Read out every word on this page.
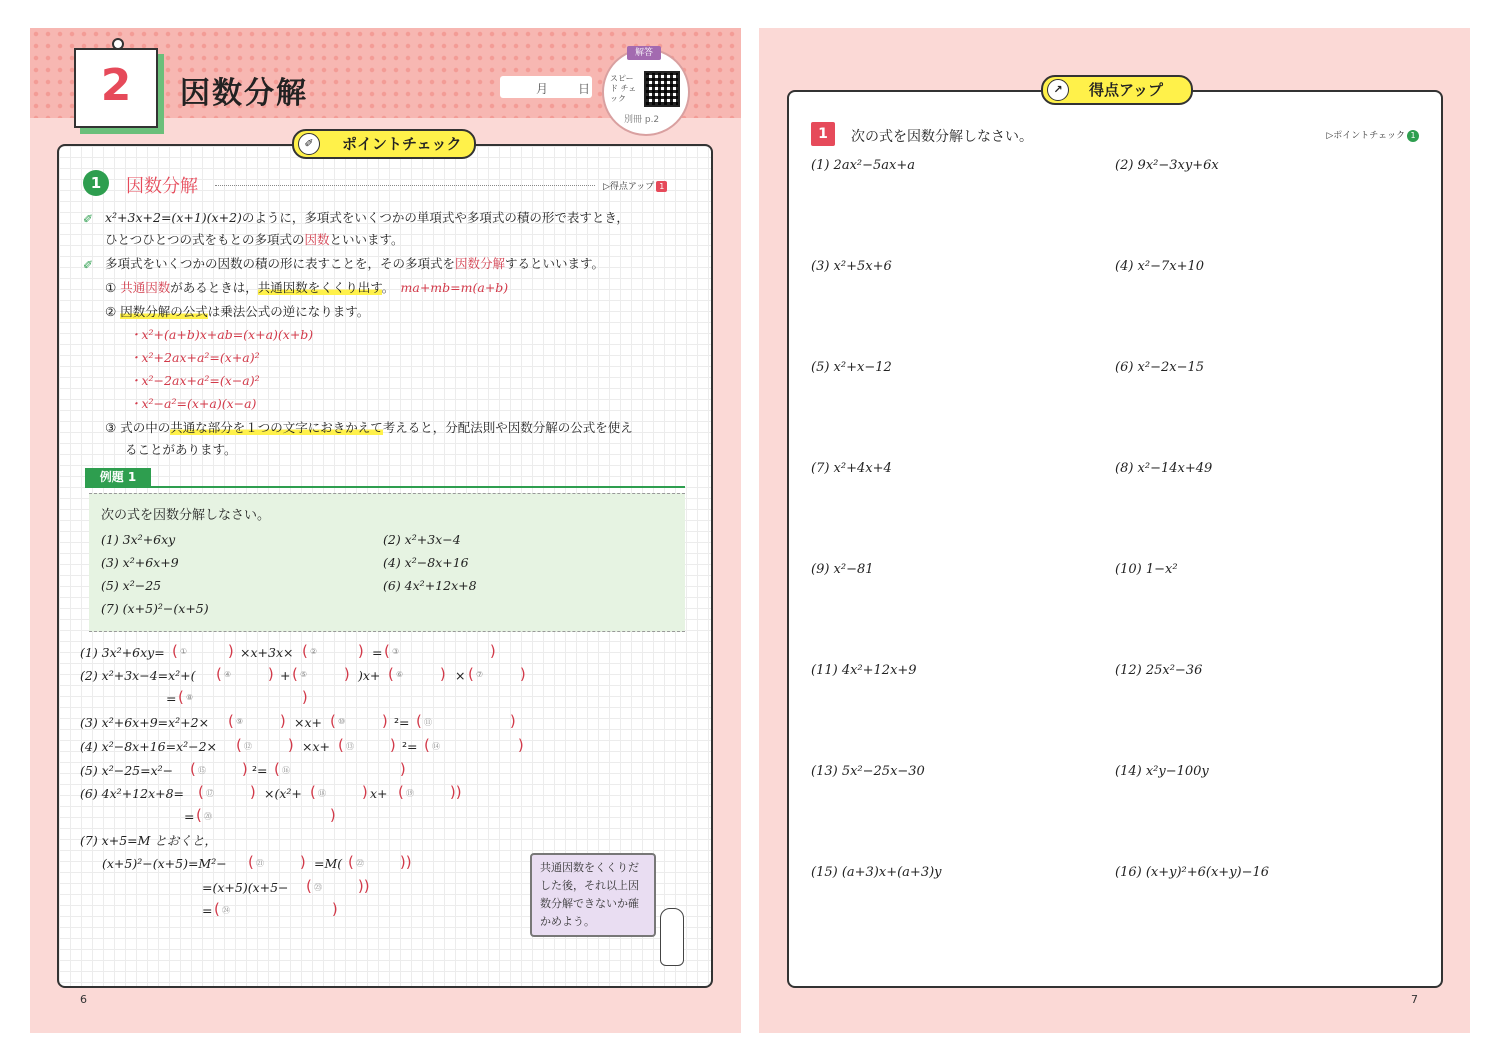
2	因数分解	月 日
解答
スピード チェック
別冊 p.2
1	因数分解	▷得点アップ 1
✐ x²+3x+2=(x+1)(x+2)のように，多項式をいくつかの単項式や多項式の積の形で表すとき，
ひとつひとつの式をもとの多項式の因数といいます。
✐ 多項式をいくつかの因数の積の形に表すことを，その多項式を因数分解するといいます。
① 共通因数があるときは，共通因数をくくり出す。　 ma+mb=m(a+b)
② 因数分解の公式は乗法公式の逆になります。
・x²+(a+b)x+ab=(x+a)(x+b)
・x²+2ax+a²=(x+a)²
・x²−2ax+a²=(x−a)²
・x²−a²=(x+a)(x−a)
③ 式の中の共通な部分を１つの文字におきかえて考えると，分配法則や因数分解の公式を使え
ることがあります。
✐	ポイントチェック
例題 1
次の式を因数分解しなさい。
(1) 3x²+6xy	(2) x²+3x−4
(3) x²+6x+9	(4) x²−8x+16
(5) x²−25	(6) 4x²+12x+8
(7) (x+5)²−(x+5)
(1) 3x²+6xy= ( ①	) ×x+3x× ( ②	) = ( ③	)
(2) x²+3x−4=x²+( ( ④ ) + ( ⑤ ) )x+ ( ⑥ ) × ( ⑦ )
= ( ⑧	)
(3) x²+6x+9=x²+2× ( ⑨ ) ×x+ ( ⑩ ) ²= ( ⑪	)
(4) x²−8x+16=x²−2× ( ⑫ ) ×x+ ( ⑬ ) ²= ( ⑭	)
(5) x²−25=x²− ( ⑮ ) ²= ( ⑯	)
(6) 4x²+12x+8= ( ⑰ ) ×(x²+ ( ⑱ ) x+ ( ⑲ ))
= ( ⑳	)
(7) x+5=M とおくと，
(x+5)²−(x+5)=M²− ( ㉑ ) =M( ( ㉒ ))
=(x+5)(x+5− ( ㉓ ))
= ( ㉔	)
共通因数をくくりだした後，それ以上因数分解できないか確かめよう。
6
1	次の式を因数分解しなさい。	▷ポイントチェック 1
(1) 2ax²−5ax+a	(2) 9x²−3xy+6x
(3) x²+5x+6	(4) x²−7x+10
(5) x²+x−12	(6) x²−2x−15
(7) x²+4x+4	(8) x²−14x+49
(9) x²−81	(10) 1−x²
(11) 4x²+12x+9	(12) 25x²−36
(13) 5x²−25x−30	(14) x²y−100y
(15) (a+3)x+(a+3)y	(16) (x+y)²+6(x+y)−16
↗	得点アップ
7
